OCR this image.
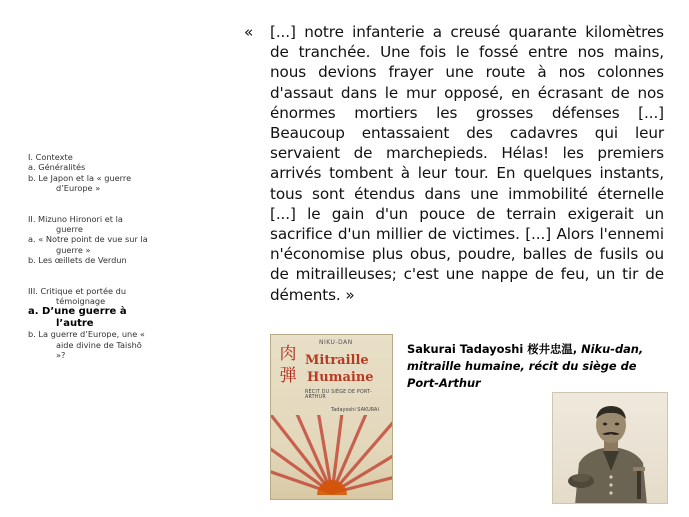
I. Contexte
a. Généralités
b. Le Japon et la « guerre d’Europe »
II. Mizuno Hironori et la guerre
a. « Notre point de vue sur la guerre »
b. Les œillets de Verdun
III. Critique et portée du témoignage
a. D’une guerre à l’autre
b. La guerre d’Europe, une « aide divine de Taishō »?
« [...] notre infanterie a creusé quarante kilomètres de tranchée. Une fois le fossé entre nos mains, nous devions frayer une route à nos colonnes d'assaut dans le mur opposé, en écrasant de nos énormes mortiers les grosses défenses [...] Beaucoup entassaient des cadavres qui leur servaient de marchepieds. Hélas! les premiers arrivés tombent à leur tour. En quelques instants, tous sont étendus dans une immobilité éternelle [...] le gain d'un pouce de terrain exigerait un sacrifice d'un millier de victimes. [...] Alors l'ennemi n'économise plus obus, poudre, balles de fusils ou de mitrailleuses; c'est une nappe de feu, un tir de déments. »
肉弾
NIKU-DAN
Mitraille
Humaine
RÉCIT DU SIÈGE DE PORT-ARTHUR
Tadayoshi SAKURAI
Sakurai Tadayoshi 桜井忠温, Niku-dan, mitraille humaine, récit du siège de Port-Arthur
